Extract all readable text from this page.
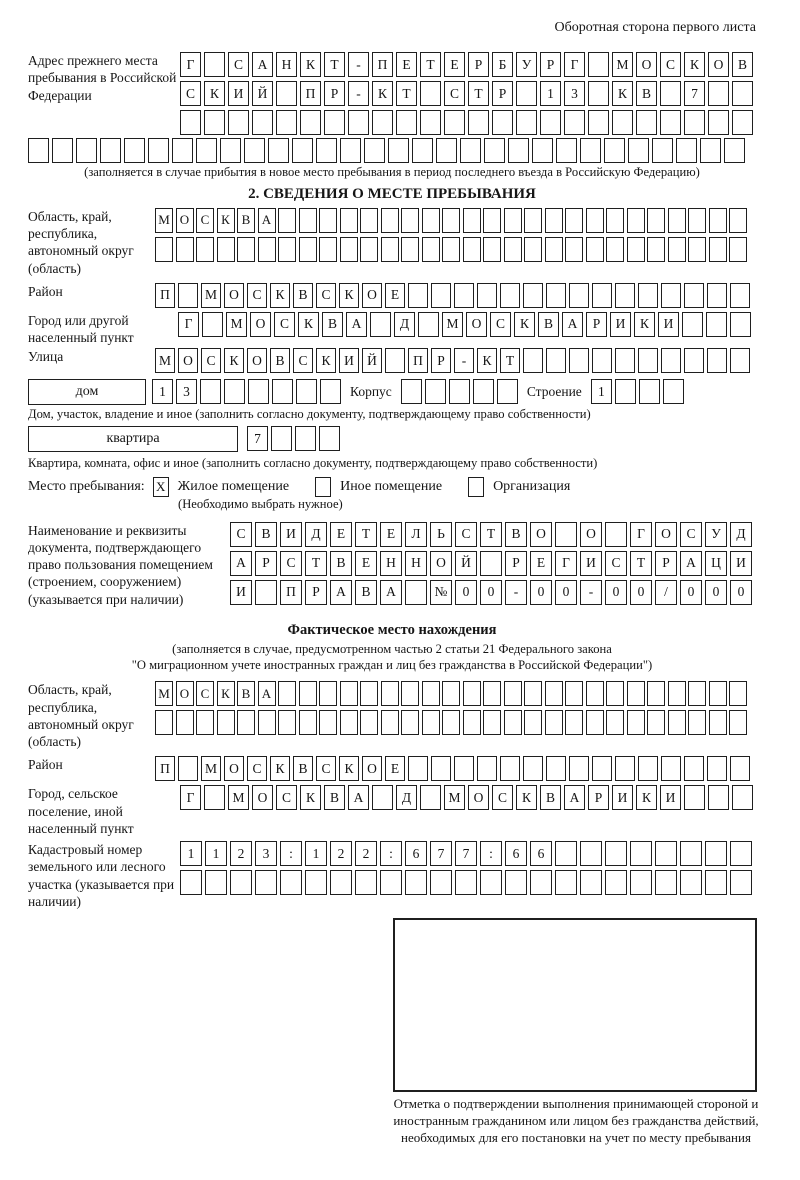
Оборотная сторона первого листа
Адрес прежнего места пребывания в Российской Федерации
Г	С	А	Н	К	Т	-	П	Е	Т	Е	Р	Б	У	Р	Г	М О	С	К	О	В
С	К	И	Й	П	Р	-	К	Т	С	Т	Р	1	3	К	В	7
(заполняется в случае прибытия в новое место пребывания в период последнего въезда в Российскую Федерацию)
2. СВЕДЕНИЯ О МЕСТЕ ПРЕБЫВАНИЯ
Область, край, республика, автономный округ (область)
М О С К В А
Район	П	М О	С	К	В	С	К	О	Е
Город или другой населенный пункт
Г	М О	С	К	В	А	Д	М О	С	К	В	А	Р	И	К	И
Улица	М О	С	К	О	В	С	К	И Й	П	Р	-	К	Т
дом	1	3	Корпус	Строение	1
Дом, участок, владение и иное (заполнить согласно документу, подтверждающему право собственности)
квартира	7
Квартира, комната, офис и иное (заполнить согласно документу, подтверждающему право собственности)
Место пребывания: X Жилое помещение	Иное помещение	Организация
(Необходимо выбрать нужное)
Наименование и реквизиты документа, подтверждающего право пользования помещением (строением, сооружением) (указывается при наличии)
С	В	И	Д	Е	Т	Е	Л	Ь	С	Т	В	О	О	Г	О	С	У	Д
А	Р	С	Т	В	Е	Н	Н	О	Й	Р	Е	Г	И	С	Т	Р	А	Ц	И
И	П	Р	А	В	А	№	0	0	-	0	0	-	0	0	/	0	0	0
Фактическое место нахождения
(заполняется в случае, предусмотренном частью 2 статьи 21 Федерального закона
"О миграционном учете иностранных граждан и лиц без гражданства в Российской Федерации")
Область, край, республика, автономный округ (область)
М О С К В А
Район	П	М О	С	К	В	С	К	О	Е
Город, сельское поселение, иной населенный пункт
Г	М О	С	К	В	А	Д	М О	С	К	В	А	Р	И	К	И
Кадастровый номер земельного или лесного участка (указывается при наличии)
1	1	2	3	:	1	2	2	:	6	7	7	:	6	6
Отметка о подтверждении выполнения принимающей стороной и иностранным гражданином или лицом без гражданства действий, необходимых для его постановки на учет по месту пребывания
